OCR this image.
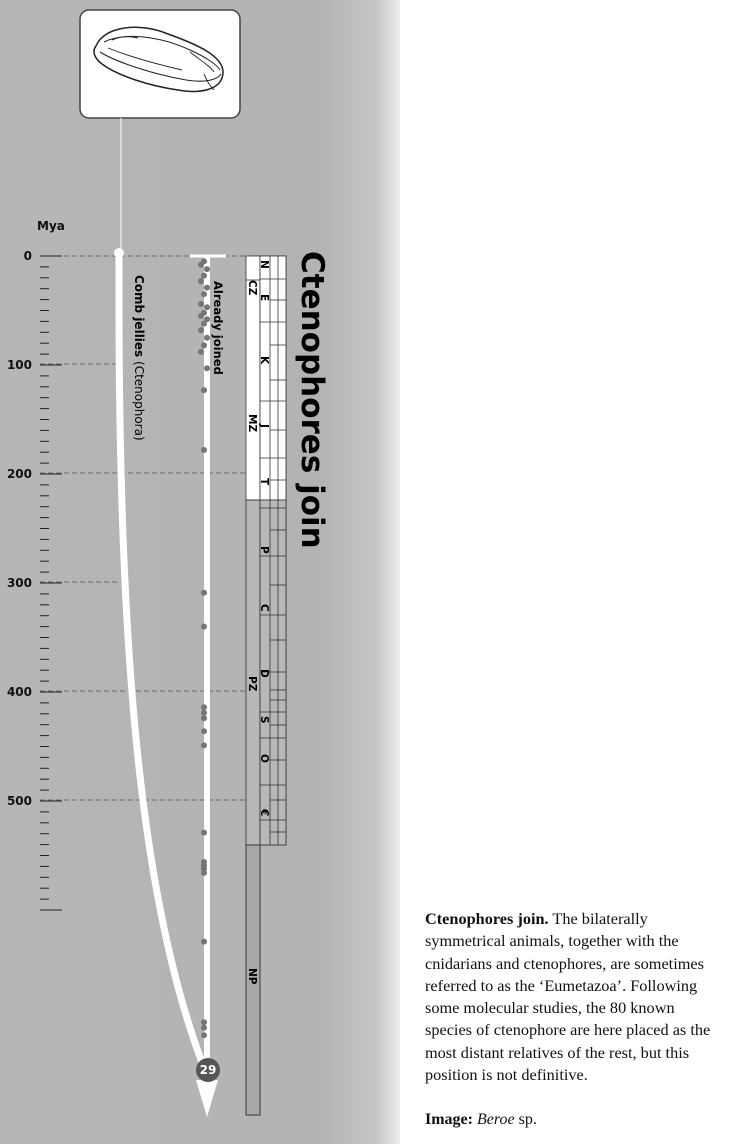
Mya
0
100
200
300
400
500
Ctenophores join
Comb jellies (Ctenophora)
Already joined CZ
MZ
PZ
NP
N
E
K
J
T
P
C
D
S
O
€
29

Ctenophores join. The bilaterally symmetrical animals, together with the cnidarians and ctenophores, are sometimes referred to as the ‘Eumetazoa’. Following some molecular studies, the 80 known species of ctenophore are here placed as the most distant relatives of the rest, but this position is not definitive.

Image: Beroe sp.
